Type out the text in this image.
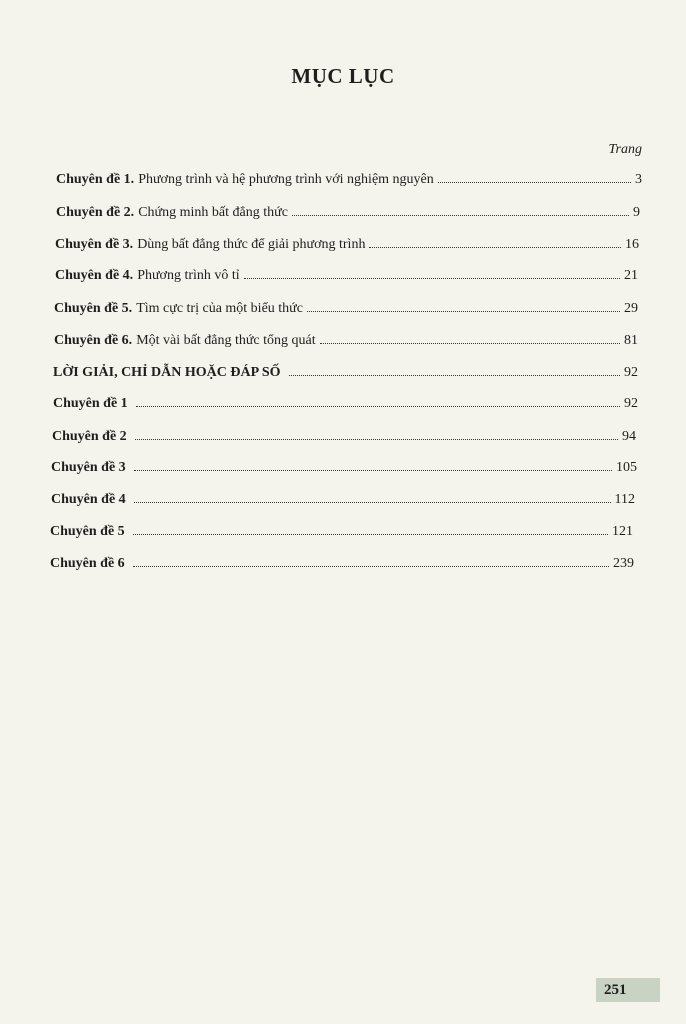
MỤC LỤC
Trang
Chuyên đề 1. Phương trình và hệ phương trình với nghiệm nguyên	3
Chuyên đề 2. Chứng minh bất đẳng thức	9
Chuyên đề 3. Dùng bất đẳng thức để giải phương trình	16
Chuyên đề 4. Phương trình vô tỉ	21
Chuyên đề 5. Tìm cực trị của một biểu thức	29
Chuyên đề 6. Một vài bất đẳng thức tổng quát	81
LỜI GIẢI, CHỈ DẪN HOẶC ĐÁP SỐ	92
Chuyên đề 1	92
Chuyên đề 2	94
Chuyên đề 3	105
Chuyên đề 4	112
Chuyên đề 5	121
Chuyên đề 6	239
251
